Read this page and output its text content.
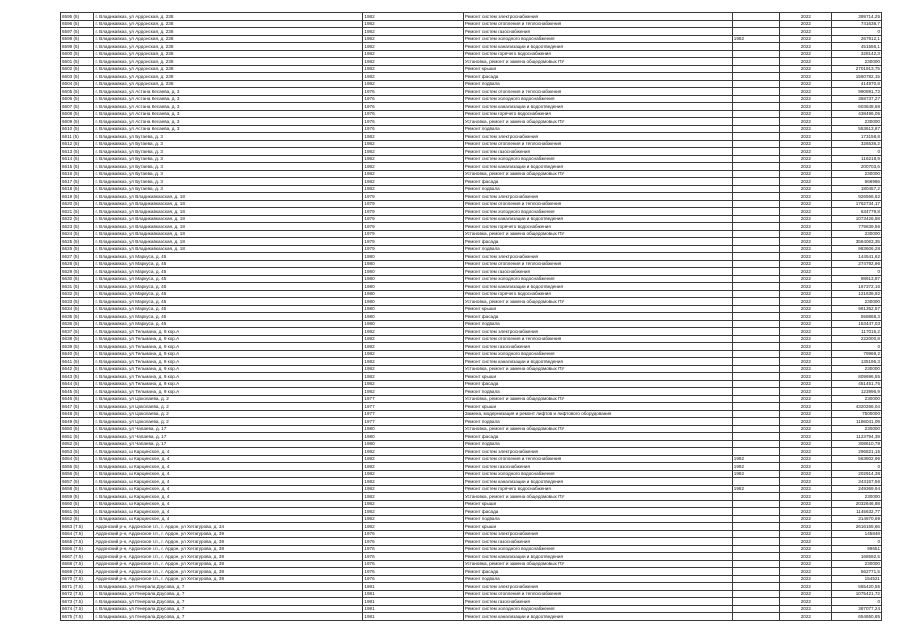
6595 (5)	г. Владикавказ, ул Ардонская, д. 238	1982	Ремонт систем электроснабжения		2022	399714,25
6596 (5)	г. Владикавказ, ул Ардонская, д. 238	1982	Ремонт систем отопления и теплоснабжения		2022	741636,7
6597 (5)	г. Владикавказ, ул Ардонская, д. 238	1982	Ремонт систем газоснабжения		2022	0
6598 (5)	г. Владикавказ, ул Ардонская, д. 238	1982	Ремонт систем холодного водоснабжения	1982	2022	267912,1
6599 (5)	г. Владикавказ, ул Ардонская, д. 238	1982	Ремонт систем канализации и водоотведения		2022	451556,1
6600 (5)	г. Владикавказ, ул Ардонская, д. 238	1982	Ремонт систем горячего водоснабжения		2022	328142,3
6601 (5)	г. Владикавказ, ул Ардонская, д. 238	1982	Установка, ремонт и замена общедомовых ПУ		2022	230000
6602 (5)	г. Владикавказ, ул Ардонская, д. 238	1982	Ремонт крыши		2022	2701913,75
6603 (5)	г. Владикавказ, ул Ардонская, д. 238	1982	Ремонт фасада		2022	1560782,15
6604 (5)	г. Владикавказ, ул Ардонская, д. 238	1982	Ремонт подвала		2022	414970,8
6605 (5)	г. Владикавказ, ул Астана Кесаева, д. 3	1976	Ремонт систем отопления и теплоснабжения		2022	990891,72
6606 (5)	г. Владикавказ, ул Астана Кесаева, д. 3	1976	Ремонт систем холодного водоснабжения		2022	358737,27
6607 (5)	г. Владикавказ, ул Астана Кесаева, д. 3	1976	Ремонт систем канализации и водоотведения		2022	603648,68
6608 (5)	г. Владикавказ, ул Астана Кесаева, д. 3	1976	Ремонт систем горячего водоснабжения		2022	438496,05
6609 (5)	г. Владикавказ, ул Астана Кесаева, д. 3	1976	Установка, ремонт и замена общедомовых ПУ		2022	230000
6610 (5)	г. Владикавказ, ул Астана Кесаева, д. 3	1976	Ремонт подвала		2022	553613,87
6611 (5)	г. Владикавказ, ул Бутаева, д. 3	1982	Ремонт систем электроснабжения		2022	173158,8
6612 (5)	г. Владикавказ, ул Бутаева, д. 3	1982	Ремонт систем отопления и теплоснабжения		2022	326536,2
6613 (5)	г. Владикавказ, ул Бутаева, д. 3	1982	Ремонт систем газоснабжения		2022	0
6614 (5)	г. Владикавказ, ул Бутаева, д. 3	1982	Ремонт систем холодного водоснабжения		2022	116218,9
6615 (5)	г. Владикавказ, ул Бутаева, д. 3	1982	Ремонт систем канализации и водоотведения		2022	200703,6
6616 (5)	г. Владикавказ, ул Бутаева, д. 3	1982	Установка, ремонт и замена общедомовых ПУ		2022	230000
6617 (5)	г. Владикавказ, ул Бутаева, д. 3	1982	Ремонт фасада		2022	666966
6618 (5)	г. Владикавказ, ул Бутаева, д. 3	1982	Ремонт подвала		2022	180457,2
6619 (5)	г. Владикавказ, ул Владикавказская, д. 18	1979	Ремонт систем электроснабжения		2022	926566,62
6620 (5)	г. Владикавказ, ул Владикавказская, д. 18	1979	Ремонт систем отопления и теплоснабжения		2022	1762734,17
6621 (5)	г. Владикавказ, ул Владикавказская, д. 18	1979	Ремонт систем холодного водоснабжения		2022	634779,8
6622 (5)	г. Владикавказ, ул Владикавказская, д. 18	1979	Ремонт систем канализации и водоотведения		2022	1073426,58
6623 (5)	г. Владикавказ, ул Владикавказская, д. 18	1979	Ремонт систем горячего водоснабжения		2022	779639,56
6624 (5)	г. Владикавказ, ул Владикавказская, д. 18	1979	Установка, ремонт и замена общедомовых ПУ		2022	230000
6625 (5)	г. Владикавказ, ул Владикавказская, д. 18	1979	Ремонт фасада		2022	3584063,35
6626 (5)	г. Владикавказ, ул Владикавказская, д. 18	1979	Ремонт подвала		2022	983606,28
6627 (5)	г. Владикавказ, ул Маркуса, д. 45	1980	Ремонт систем электроснабжения		2022	144541,62
6628 (5)	г. Владикавказ, ул Маркуса, д. 45	1980	Ремонт систем отопления и теплоснабжения		2022	274792,96
6629 (5)	г. Владикавказ, ул Маркуса, д. 45	1980	Ремонт систем газоснабжения		2022	0
6630 (5)	г. Владикавказ, ул Маркуса, д. 45	1980	Ремонт систем холодного водоснабжения		2022	98913,87
6631 (5)	г. Владикавказ, ул Маркуса, д. 45	1980	Ремонт систем канализации и водоотведения		2022	167372,16
6632 (5)	г. Владикавказ, ул Маркуса, д. 45	1980	Ремонт систем горячего водоснабжения		2022	121636,92
6633 (5)	г. Владикавказ, ул Маркуса, д. 45	1980	Установка, ремонт и замена общедомовых ПУ		2022	230000
6634 (5)	г. Владикавказ, ул Маркуса, д. 45	1980	Ремонт крыши		2022	961352,57
6635 (5)	г. Владикавказ, ул Маркуса, д. 45	1980	Ремонт фасада		2022	558868,3
6636 (5)	г. Владикавказ, ул Маркуса, д. 45	1980	Ремонт подвала		2022	153447,03
6637 (5)	г. Владикавказ, ул Тельмана, д. 9 кор.А	1982	Ремонт систем электроснабжения		2022	117015,2
6638 (5)	г. Владикавказ, ул Тельмана, д. 9 кор.А	1982	Ремонт систем отопления и теплоснабжения		2022	222000,8
6639 (5)	г. Владикавказ, ул Тельмана, д. 9 кор.А	1982	Ремонт систем газоснабжения		2022	0
6640 (5)	г. Владикавказ, ул Тельмана, д. 9 кор.А	1982	Ремонт систем холодного водоснабжения		2022	79969,2
6641 (5)	г. Владикавказ, ул Тельмана, д. 9 кор.А	1982	Ремонт систем канализации и водоотведения		2022	135196,3
6642 (5)	г. Владикавказ, ул Тельмана, д. 9 кор.А	1982	Установка, ремонт и замена общедомовых ПУ		2022	230000
6643 (5)	г. Владикавказ, ул Тельмана, д. 9 кор.А	1982	Ремонт крыши		2022	809696,55
6644 (5)	г. Владикавказ, ул Тельмана, д. 9 кор.А	1982	Ремонт фасада		2022	451451,75
6645 (5)	г. Владикавказ, ул Тельмана, д. 9 кор.А	1982	Ремонт подвала		2022	123996,9
6646 (5)	г. Владикавказ, ул Цоколаева, д. 2	1977	Установка, ремонт и замена общедомовых ПУ		2022	230000
6647 (5)	г. Владикавказ, ул Цоколаева, д. 2	1977	Ремонт крыши		2022	4320266,04
6648 (5)	г. Владикавказ, ул Цоколаева, д. 2	1977	Замена, модернизация и ремонт лифтов и лифтового оборудования		2022	7500000
6649 (5)	г. Владикавказ, ул Цоколаева, д. 2	1977	Ремонт подвала		2022	1186041,09
6650 (5)	г. Владикавказ, ул Чапаева, д. 17	1980	Установка, ремонт и замена общедомовых ПУ		2022	230000
6651 (5)	г. Владикавказ, ул Чапаева, д. 17	1980	Ремонт фасада		2022	1123794,39
6652 (5)	г. Владикавказ, ул Чапаева, д. 17	1980	Ремонт подвала		2022	308610,78
6653 (5)	г. Владикавказ, ш Карцинское, д. 4	1982	Ремонт систем электроснабжения		2022	296821,15
6654 (5)	г. Владикавказ, ш Карцинское, д. 4	1982	Ремонт систем отопления и теплоснабжения	1982	2022	563802,96
6655 (5)	г. Владикавказ, ш Карцинское, д. 4	1982	Ремонт систем газоснабжения	1982	2022	0
6656 (5)	г. Владикавказ, ш Карцинское, д. 4	1982	Ремонт систем холодного водоснабжения	1982	2022	202914,38
6657 (5)	г. Владикавказ, ш Карцинское, д. 4	1982	Ремонт систем канализации и водоотведения		2022	343157,56
6658 (5)	г. Владикавказ, ш Карцинское, д. 4	1982	Ремонт систем горячего водоснабжения	1982	2022	249369,94
6659 (5)	г. Владикавказ, ш Карцинское, д. 4	1982	Установка, ремонт и замена общедомовых ПУ		2022	230000
6660 (5)	г. Владикавказ, ш Карцинское, д. 4	1982	Ремонт крыши		2022	2032646,88
6661 (5)	г. Владикавказ, ш Карцинское, д. 4	1982	Ремонт фасада		2022	1145632,77
6662 (5)	г. Владикавказ, ш Карцинское, д. 4	1982	Ремонт подвала		2022	314670,69
6663 (7.5)	Ардонский р-н, Ардонское г.п., г. Ардон, ул Хетагурова, д. 34	1982	Ремонт крыши		2022	2616165,66
6664 (7.5)	Ардонский р-н, Ардонское г.п., г. Ардон, ул Хетагурова, д. 39	1976	Ремонт систем электроснабжения		2022	145848
6665 (7.5)	Ардонский р-н, Ардонское г.п., г. Ардон, ул Хетагурова, д. 39	1976	Ремонт систем газоснабжения		2022	0
6666 (7.5)	Ардонский р-н, Ардонское г.п., г. Ардон, ул Хетагурова, д. 39	1976	Ремонт систем холодного водоснабжения		2022	99651
6667 (7.5)	Ардонский р-н, Ардонское г.п., г. Ардон, ул Хетагурова, д. 39	1976	Ремонт систем канализации и водоотведения		2022	168592,5
6668 (7.5)	Ардонский р-н, Ардонское г.п., г. Ардон, ул Хетагурова, д. 39	1976	Установка, ремонт и замена общедомовых ПУ		2022	230000
6669 (7.5)	Ардонский р-н, Ардонское г.п., г. Ардон, ул Хетагурова, д. 39	1976	Ремонт фасада		2022	562771,5
6670 (7.5)	Ардонский р-н, Ардонское г.п., г. Ардон, ул Хетагурова, д. 39	1976	Ремонт подвала		2022	154521
6671 (7.5)	г. Владикавказ, ул Генерала Дзусова, д. 7	1981	Ремонт систем электроснабжения		2022	565420,55
6672 (7.5)	г. Владикавказ, ул Генерала Дзусова, д. 7	1981	Ремонт систем отопления и теплоснабжения		2022	1075421,72
6673 (7.5)	г. Владикавказ, ул Генерала Дзусова, д. 7	1981	Ремонт систем газоснабжения		2022	0
6674 (7.5)	г. Владикавказ, ул Генерала Дзусова, д. 7	1981	Ремонт систем холодного водоснабжения		2022	387077,24
6675 (7.5)	г. Владикавказ, ул Генерала Дзусова, д. 7	1981	Ремонт систем канализации и водоотведения		2022	654650,85
